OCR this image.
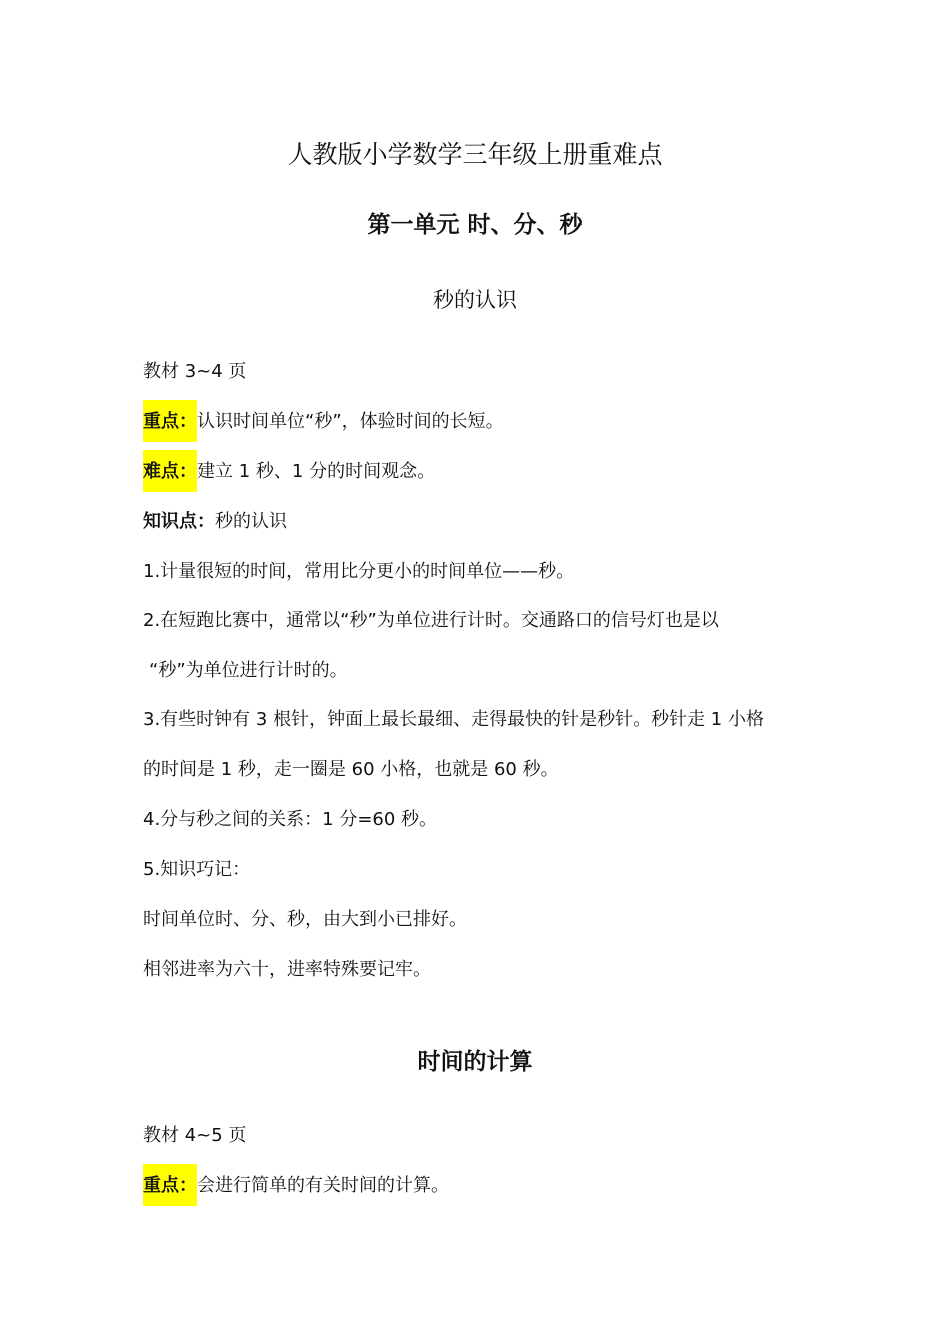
人教版小学数学三年级上册重难点
第一单元 时、分、秒
秒的认识
教材 3~4 页
重点：认识时间单位“秒”，体验时间的长短。
难点：建立 1 秒、1 分的时间观念。
知识点：秒的认识
1.计量很短的时间，常用比分更小的时间单位——秒。
2.在短跑比赛中，通常以“秒”为单位进行计时。交通路口的信号灯也是以
“秒”为单位进行计时的。
3.有些时钟有 3 根针，钟面上最长最细、走得最快的针是秒针。秒针走 1 小格
的时间是 1 秒，走一圈是 60 小格，也就是 60 秒。
4.分与秒之间的关系：1 分=60 秒。
5.知识巧记：
时间单位时、分、秒，由大到小已排好。
相邻进率为六十，进率特殊要记牢。
时间的计算
教材 4~5 页
重点：会进行简单的有关时间的计算。
